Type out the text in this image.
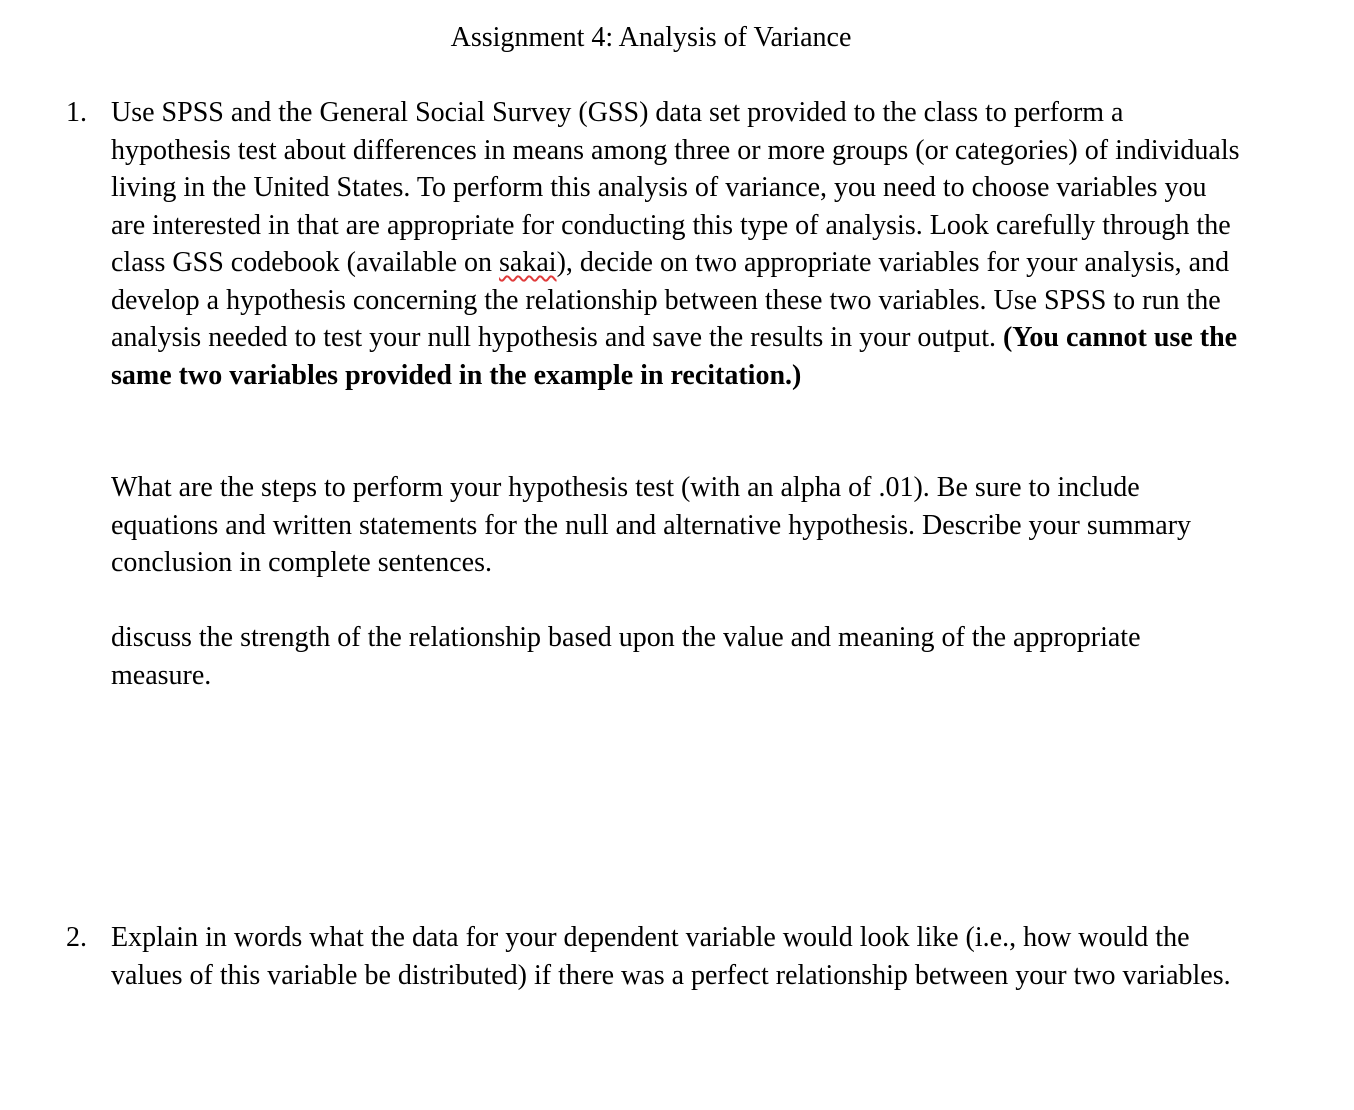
Assignment 4: Analysis of Variance
1. Use SPSS and the General Social Survey (GSS) data set provided to the class to perform a hypothesis test about differences in means among three or more groups (or categories) of individuals living in the United States. To perform this analysis of variance, you need to choose variables you are interested in that are appropriate for conducting this type of analysis. Look carefully through the class GSS codebook (available on sakai), decide on two appropriate variables for your analysis, and develop a hypothesis concerning the relationship between these two variables. Use SPSS to run the analysis needed to test your null hypothesis and save the results in your output. (You cannot use the same two variables provided in the example in recitation.)

What are the steps to perform your hypothesis test (with an alpha of .01). Be sure to include equations and written statements for the null and alternative hypothesis. Describe your summary conclusion in complete sentences.

discuss the strength of the relationship based upon the value and meaning of the appropriate measure.

2. Explain in words what the data for your dependent variable would look like (i.e., how would the values of this variable be distributed) if there was a perfect relationship between your two variables.
